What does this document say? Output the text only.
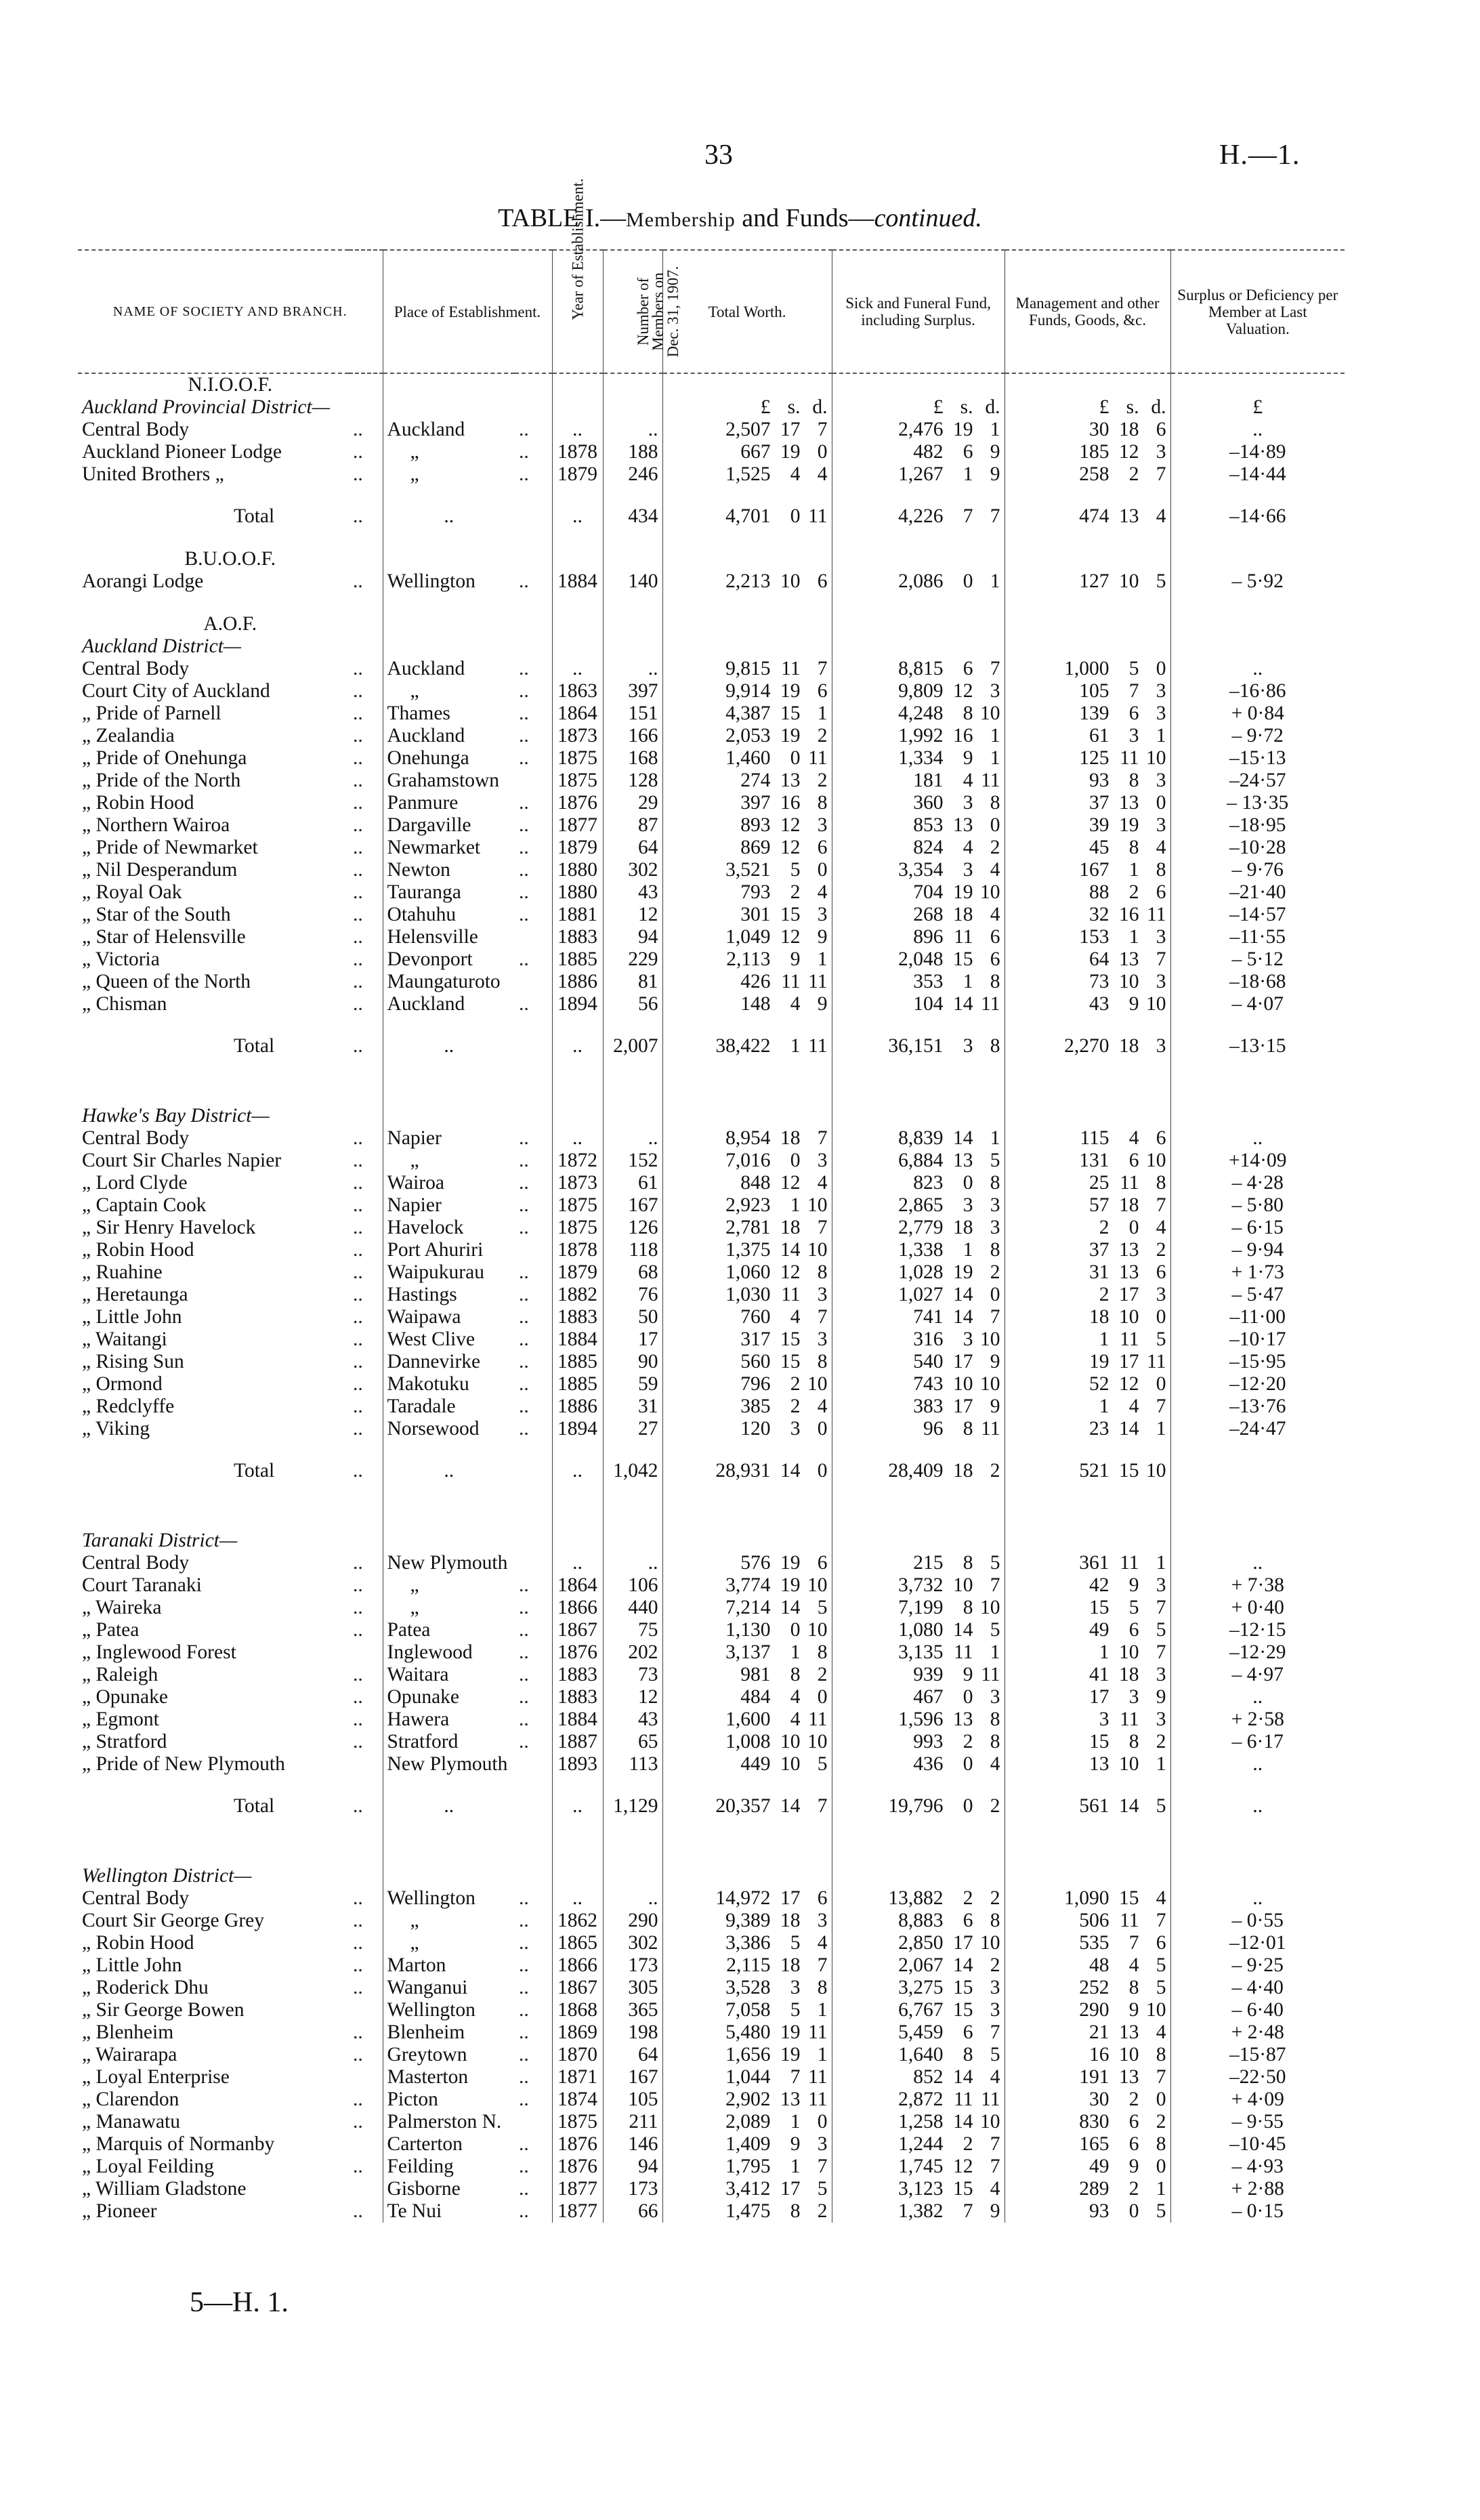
33	H.—1.
TABLE I.—Membership and Funds—continued.
NAME OF SOCIETY AND BRANCH.		Place of Establishment.		Year of Establishment.	Number of Members on Dec. 31, 1907.	Total Worth.	Sick and Funeral Fund, including Surplus.	Management and other Funds, Goods, &c.	Surplus or Deficiency per Member at Last Valuation.
N.I.O.O.F.									
Auckland Provincial District—						£ s. d.	£ s. d.	£ s. d.	£
Central Body	..	Auckland	..	..	..	2,507 17 7	2,476 19 1	30 18 6	..
Auckland Pioneer Lodge	..	„	..	1878	188	667 19 0	482 6 9	185 12 3	–14·89
United Brothers „	..	„	..	1879	246	1,525 4 4	1,267 1 9	258 2 7	–14·44
Total	..	..		..	434	4,701 0 11	4,226 7 7	474 13 4	–14·66

B.U.O.O.F.									
Aorangi Lodge	..	Wellington	..	1884	140	2,213 10 6	2,086 0 1	127 10 5	– 5·92

A.O.F.									
Auckland District—									
Central Body	..	Auckland	..	..	..	9,815 11 7	8,815 6 7	1,000 5 0	..
Court City of Auckland	..	„	..	1863	397	9,914 19 6	9,809 12 3	105 7 3	–16·86
„ Pride of Parnell	..	Thames	..	1864	151	4,387 15 1	4,248 8 10	139 6 3	+ 0·84
„ Zealandia	..	Auckland	..	1873	166	2,053 19 2	1,992 16 1	61 3 1	– 9·72
„ Pride of Onehunga	..	Onehunga	..	1875	168	1,460 0 11	1,334 9 1	125 11 10	–15·13
„ Pride of the North	..	Grahamstown		1875	128	274 13 2	181 4 11	93 8 3	–24·57
„ Robin Hood	..	Panmure	..	1876	29	397 16 8	360 3 8	37 13 0	– 13·35
„ Northern Wairoa	..	Dargaville	..	1877	87	893 12 3	853 13 0	39 19 3	–18·95
„ Pride of Newmarket	..	Newmarket	..	1879	64	869 12 6	824 4 2	45 8 4	–10·28
„ Nil Desperandum	..	Newton	..	1880	302	3,521 5 0	3,354 3 4	167 1 8	– 9·76
„ Royal Oak	..	Tauranga	..	1880	43	793 2 4	704 19 10	88 2 6	–21·40
„ Star of the South	..	Otahuhu	..	1881	12	301 15 3	268 18 4	32 16 11	–14·57
„ Star of Helensville	..	Helensville		1883	94	1,049 12 9	896 11 6	153 1 3	–11·55
„ Victoria	..	Devonport	..	1885	229	2,113 9 1	2,048 15 6	64 13 7	– 5·12
„ Queen of the North	..	Maungaturoto		1886	81	426 11 11	353 1 8	73 10 3	–18·68
„ Chisman	..	Auckland	..	1894	56	148 4 9	104 14 11	43 9 10	– 4·07
Total	..	..		..	2,007	38,422 1 11	36,151 3 8	2,270 18 3	–13·15

Hawke's Bay District—									
Central Body	..	Napier	..	..	..	8,954 18 7	8,839 14 1	115 4 6	..
Court Sir Charles Napier	..	„	..	1872	152	7,016 0 3	6,884 13 5	131 6 10	+14·09
„ Lord Clyde	..	Wairoa	..	1873	61	848 12 4	823 0 8	25 11 8	– 4·28
„ Captain Cook	..	Napier	..	1875	167	2,923 1 10	2,865 3 3	57 18 7	– 5·80
„ Sir Henry Havelock	..	Havelock	..	1875	126	2,781 18 7	2,779 18 3	2 0 4	– 6·15
„ Robin Hood	..	Port Ahuriri		1878	118	1,375 14 10	1,338 1 8	37 13 2	– 9·94
„ Ruahine	..	Waipukurau	..	1879	68	1,060 12 8	1,028 19 2	31 13 6	+ 1·73
„ Heretaunga	..	Hastings	..	1882	76	1,030 11 3	1,027 14 0	2 17 3	– 5·47
„ Little John	..	Waipawa	..	1883	50	760 4 7	741 14 7	18 10 0	–11·00
„ Waitangi	..	West Clive	..	1884	17	317 15 3	316 3 10	1 11 5	–10·17
„ Rising Sun	..	Dannevirke	..	1885	90	560 15 8	540 17 9	19 17 11	–15·95
„ Ormond	..	Makotuku	..	1885	59	796 2 10	743 10 10	52 12 0	–12·20
„ Redclyffe	..	Taradale	..	1886	31	385 2 4	383 17 9	1 4 7	–13·76
„ Viking	..	Norsewood	..	1894	27	120 3 0	96 8 11	23 14 1	–24·47
Total	..	..		..	1,042	28,931 14 0	28,409 18 2	521 15 10	

Taranaki District—									
Central Body	..	New Plymouth		..	..	576 19 6	215 8 5	361 11 1	..
Court Taranaki	..	„	..	1864	106	3,774 19 10	3,732 10 7	42 9 3	+ 7·38
„ Waireka	..	„	..	1866	440	7,214 14 5	7,199 8 10	15 5 7	+ 0·40
„ Patea	..	Patea	..	1867	75	1,130 0 10	1,080 14 5	49 6 5	–12·15
„ Inglewood Forest		Inglewood	..	1876	202	3,137 1 8	3,135 11 1	1 10 7	–12·29
„ Raleigh	..	Waitara	..	1883	73	981 8 2	939 9 11	41 18 3	– 4·97
„ Opunake	..	Opunake	..	1883	12	484 4 0	467 0 3	17 3 9	..
„ Egmont	..	Hawera	..	1884	43	1,600 4 11	1,596 13 8	3 11 3	+ 2·58
„ Stratford	..	Stratford	..	1887	65	1,008 10 10	993 2 8	15 8 2	– 6·17
„ Pride of New Plymouth		New Plymouth		1893	113	449 10 5	436 0 4	13 10 1	..
Total	..	..		..	1,129	20,357 14 7	19,796 0 2	561 14 5	..

Wellington District—									
Central Body	..	Wellington	..	..	..	14,972 17 6	13,882 2 2	1,090 15 4	..
Court Sir George Grey	..	„	..	1862	290	9,389 18 3	8,883 6 8	506 11 7	– 0·55
„ Robin Hood	..	„	..	1865	302	3,386 5 4	2,850 17 10	535 7 6	–12·01
„ Little John	..	Marton	..	1866	173	2,115 18 7	2,067 14 2	48 4 5	– 9·25
„ Roderick Dhu	..	Wanganui	..	1867	305	3,528 3 8	3,275 15 3	252 8 5	– 4·40
„ Sir George Bowen		Wellington	..	1868	365	7,058 5 1	6,767 15 3	290 9 10	– 6·40
„ Blenheim	..	Blenheim	..	1869	198	5,480 19 11	5,459 6 7	21 13 4	+ 2·48
„ Wairarapa	..	Greytown	..	1870	64	1,656 19 1	1,640 8 5	16 10 8	–15·87
„ Loyal Enterprise		Masterton	..	1871	167	1,044 7 11	852 14 4	191 13 7	–22·50
„ Clarendon	..	Picton	..	1874	105	2,902 13 11	2,872 11 11	30 2 0	+ 4·09
„ Manawatu	..	Palmerston N.		1875	211	2,089 1 0	1,258 14 10	830 6 2	– 9·55
„ Marquis of Normanby		Carterton	..	1876	146	1,409 9 3	1,244 2 7	165 6 8	–10·45
„ Loyal Feilding	..	Feilding	..	1876	94	1,795 1 7	1,745 12 7	49 9 0	– 4·93
„ William Gladstone		Gisborne	..	1877	173	3,412 17 5	3,123 15 4	289 2 1	+ 2·88
„ Pioneer	..	Te Nui	..	1877	66	1,475 8 2	1,382 7 9	93 0 5	– 0·15
5—H. 1.
